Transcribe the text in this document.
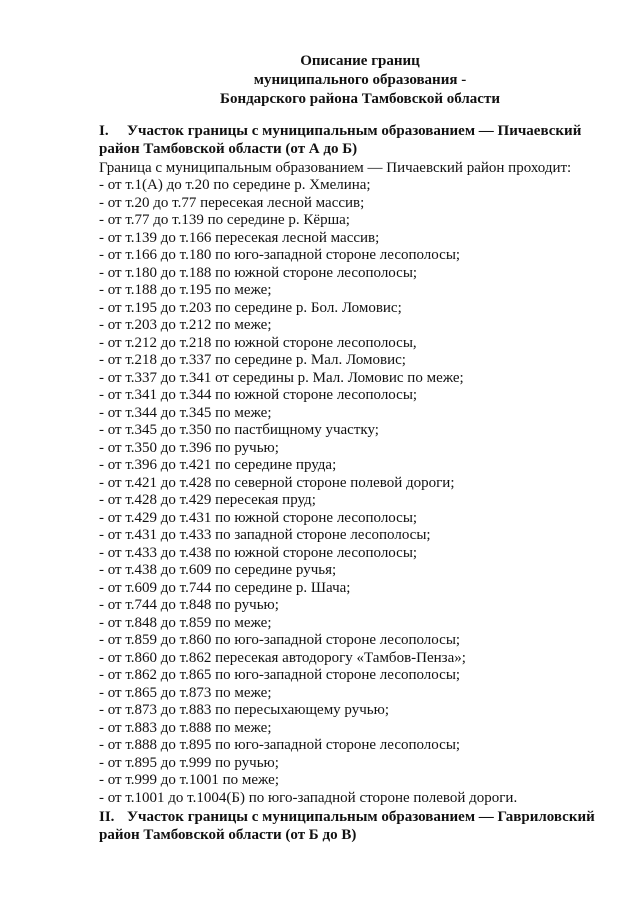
Описание границ
муниципального образования -
Бондарского района Тамбовской области
I. Участок границы с муниципальным образованием — Пичаевский
район Тамбовской области (от А до Б)
Граница с муниципальным образованием — Пичаевский район проходит:
- от т.1(А) до т.20 по середине р. Хмелина;
- от т.20 до т.77 пересекая лесной массив;
- от т.77 до т.139 по середине р. Кёрша;
- от т.139 до т.166 пересекая лесной массив;
- от т.166 до т.180 по юго-западной стороне лесополосы;
- от т.180 до т.188 по южной стороне лесополосы;
- от т.188 до т.195 по меже;
- от т.195 до т.203 по середине р. Бол. Ломовис;
- от т.203 до т.212 по меже;
- от т.212 до т.218 по южной стороне лесополосы,
- от т.218 до т.337 по середине р. Мал. Ломовис;
- от т.337 до т.341 от середины р. Мал. Ломовис по меже;
- от т.341 до т.344 по южной стороне лесополосы;
- от т.344 до т.345 по меже;
- от т.345 до т.350 по пастбищному участку;
- от т.350 до т.396 по ручью;
- от т.396 до т.421 по середине пруда;
- от т.421 до т.428 по северной стороне полевой дороги;
- от т.428 до т.429 пересекая пруд;
- от т.429 до т.431 по южной стороне лесополосы;
- от т.431 до т.433 по западной стороне лесополосы;
- от т.433 до т.438 по южной стороне лесополосы;
- от т.438 до т.609 по середине ручья;
- от т.609 до т.744 по середине р. Шача;
- от т.744 до т.848 по ручью;
- от т.848 до т.859 по меже;
- от т.859 до т.860 по юго-западной стороне лесополосы;
- от т.860 до т.862 пересекая автодорогу «Тамбов-Пенза»;
- от т.862 до т.865 по юго-западной стороне лесополосы;
- от т.865 до т.873 по меже;
- от т.873 до т.883 по пересыхающему ручью;
- от т.883 до т.888 по меже;
- от т.888 до т.895 по юго-западной стороне лесополосы;
- от т.895 до т.999 по ручью;
- от т.999 до т.1001 по меже;
- от т.1001 до т.1004(Б) по юго-западной стороне полевой дороги.
II. Участок границы с муниципальным образованием — Гавриловский
район Тамбовской области (от Б до В)
